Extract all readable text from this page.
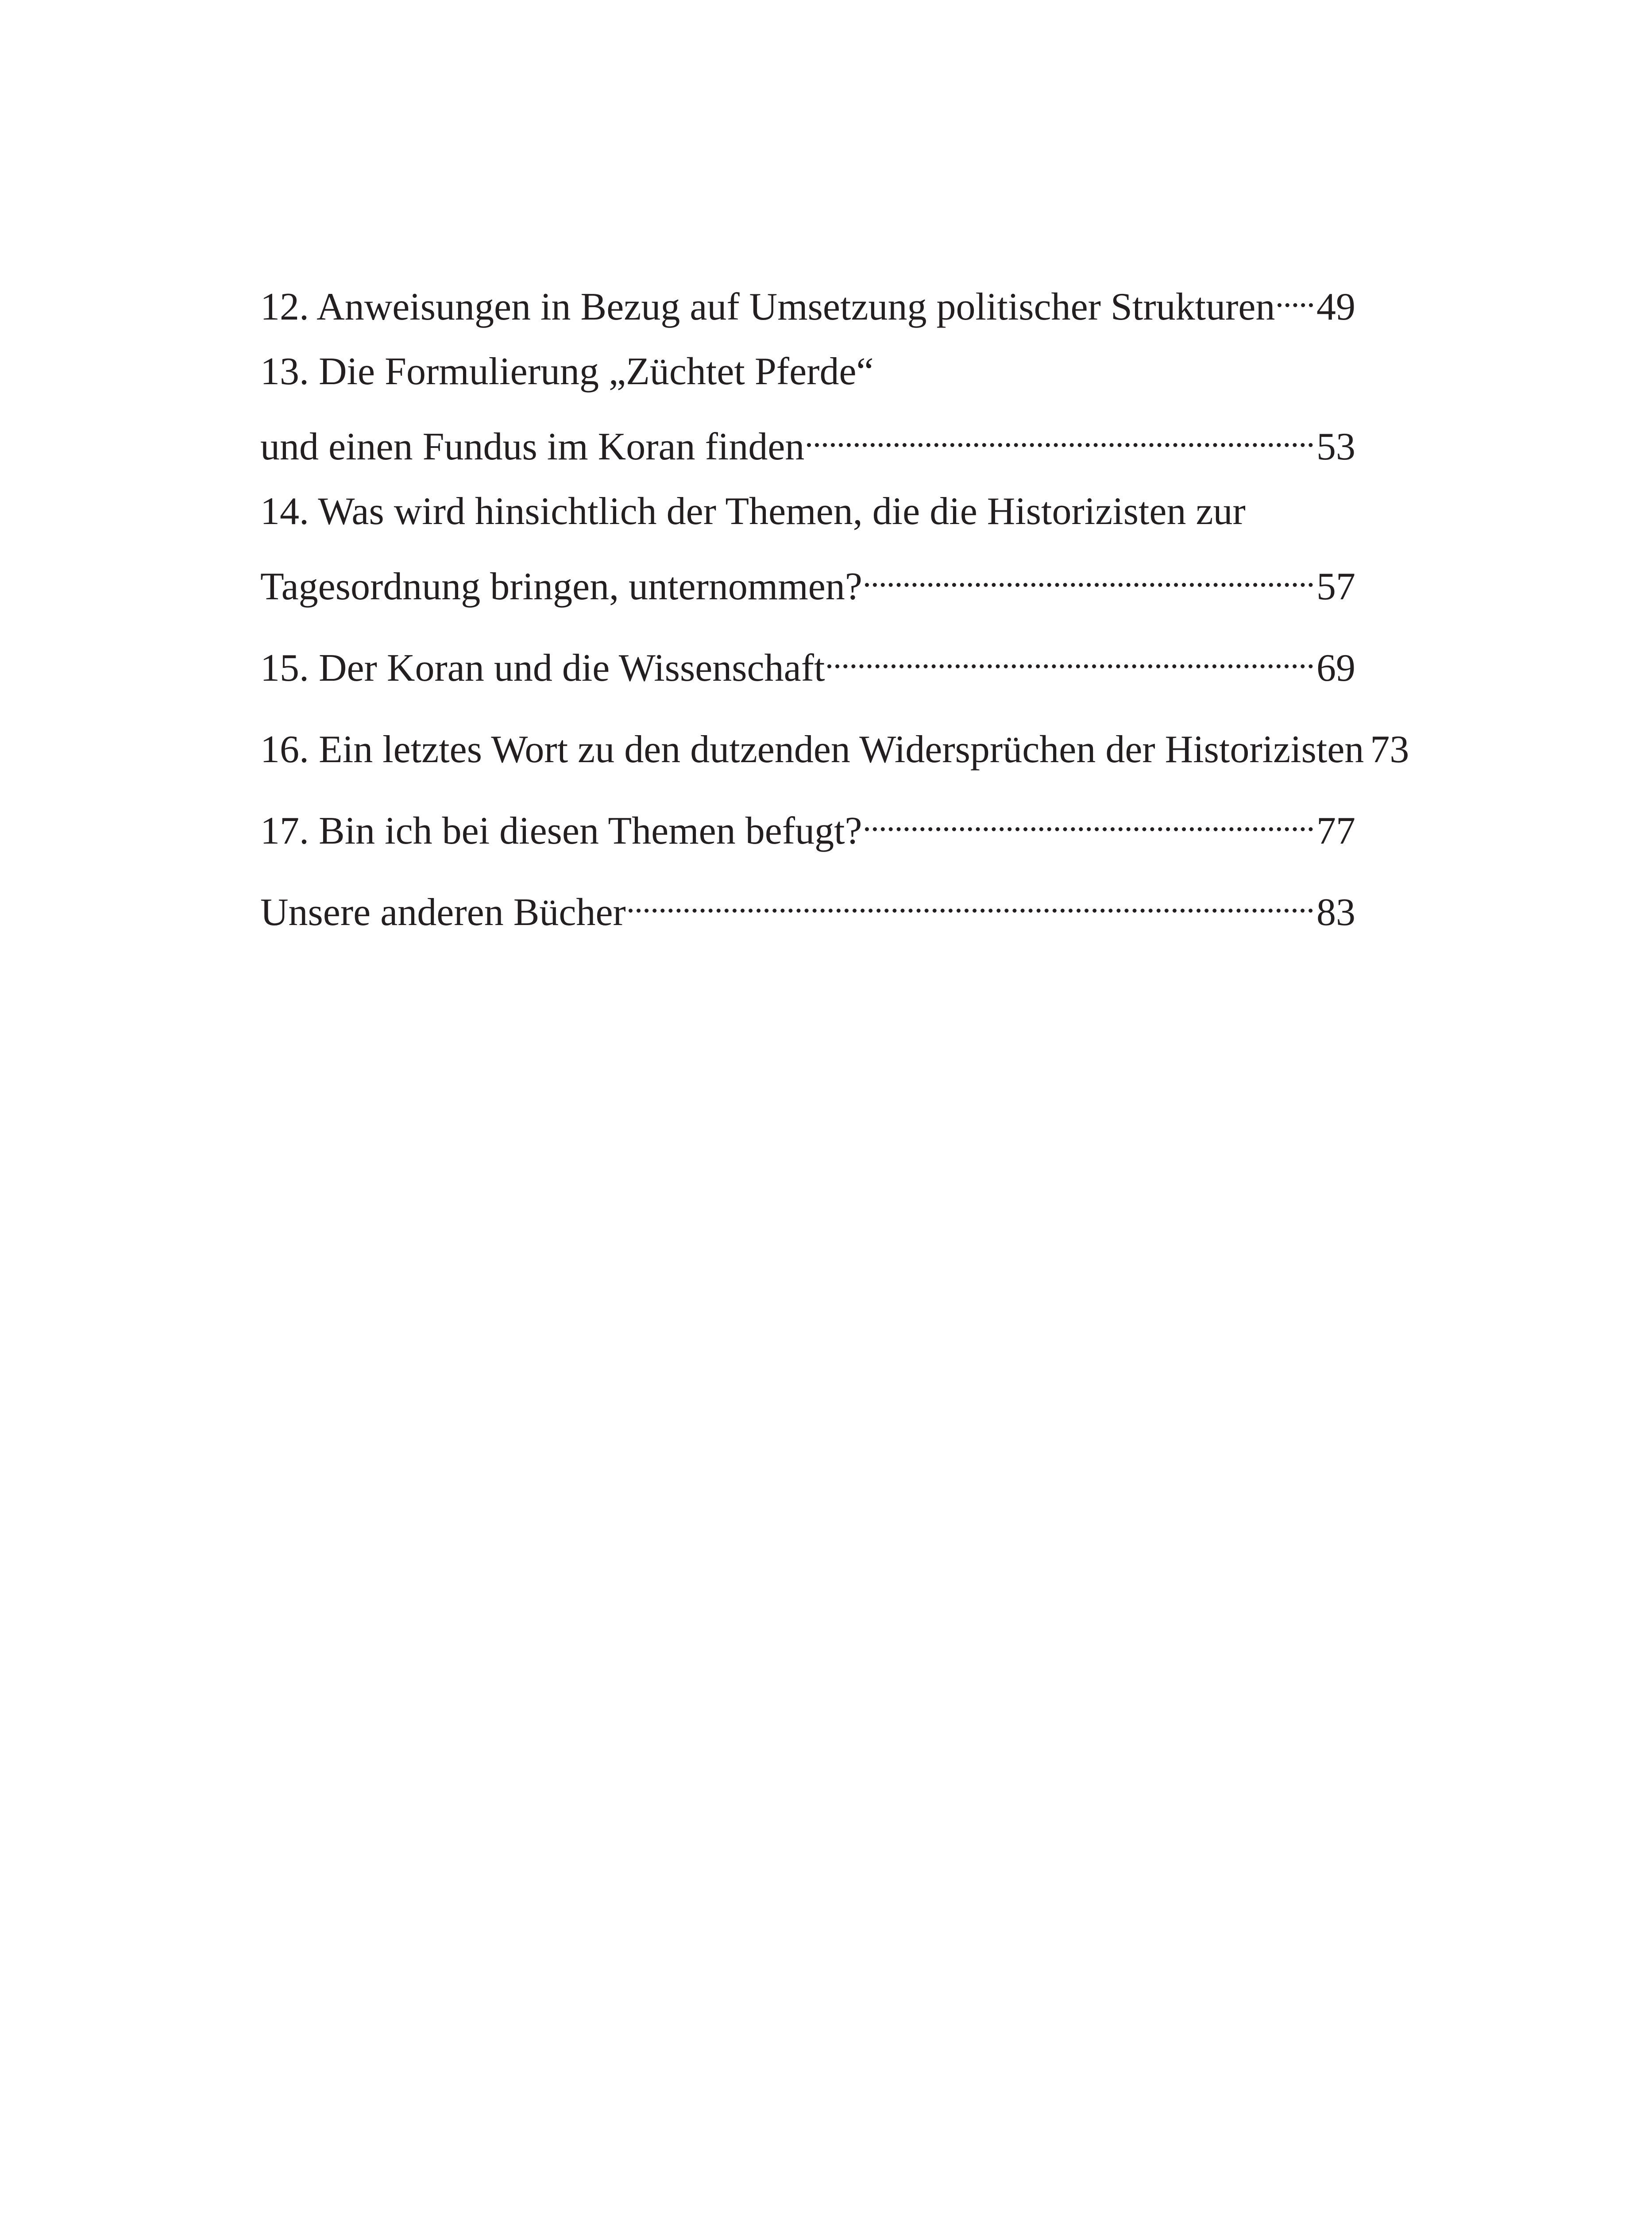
12. Anweisungen in Bezug auf Umsetzung politischer Strukturen 49
13. Die Formulierung „Züchtet Pferde“
und einen Fundus im Koran finden	53
14. Was wird hinsichtlich der Themen, die die Historizisten zur
Tagesordnung bringen, unternommen?	57
15. Der Koran und die Wissenschaft	69
16. Ein letztes Wort zu den dutzenden Widersprüchen der Historizisten 73
17. Bin ich bei diesen Themen befugt?	77
Unsere anderen Bücher	83
